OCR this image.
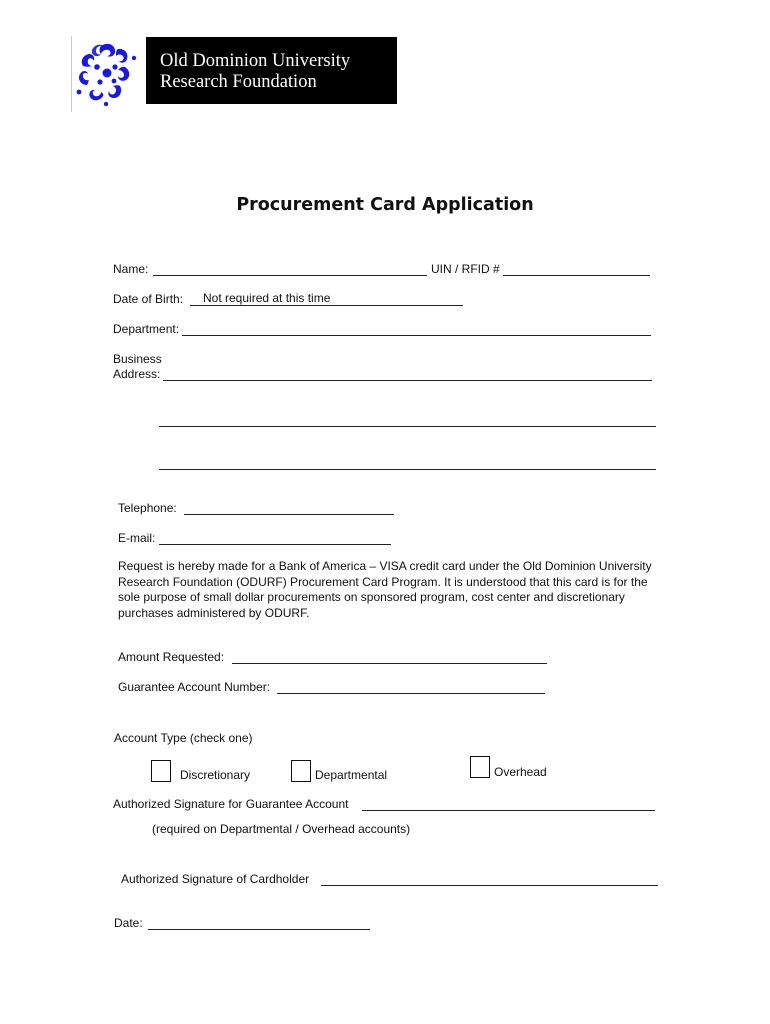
Old Dominion University
Research Foundation
Procurement Card Application
Name:	UIN / RFID #
Date of Birth: Not required at this time
Department:
Business
Address:
Telephone:
E-mail:
Request is hereby made for a Bank of America – VISA credit card under the Old Dominion University Research Foundation (ODURF) Procurement Card Program. It is understood that this card is for the sole purpose of small dollar procurements on sponsored program, cost center and discretionary purchases administered by ODURF.
Amount Requested:
Guarantee Account Number:
Account Type (check one)
Discretionary	Departmental	Overhead
Authorized Signature for Guarantee Account
(required on Departmental / Overhead accounts)
Authorized Signature of Cardholder
Date:
